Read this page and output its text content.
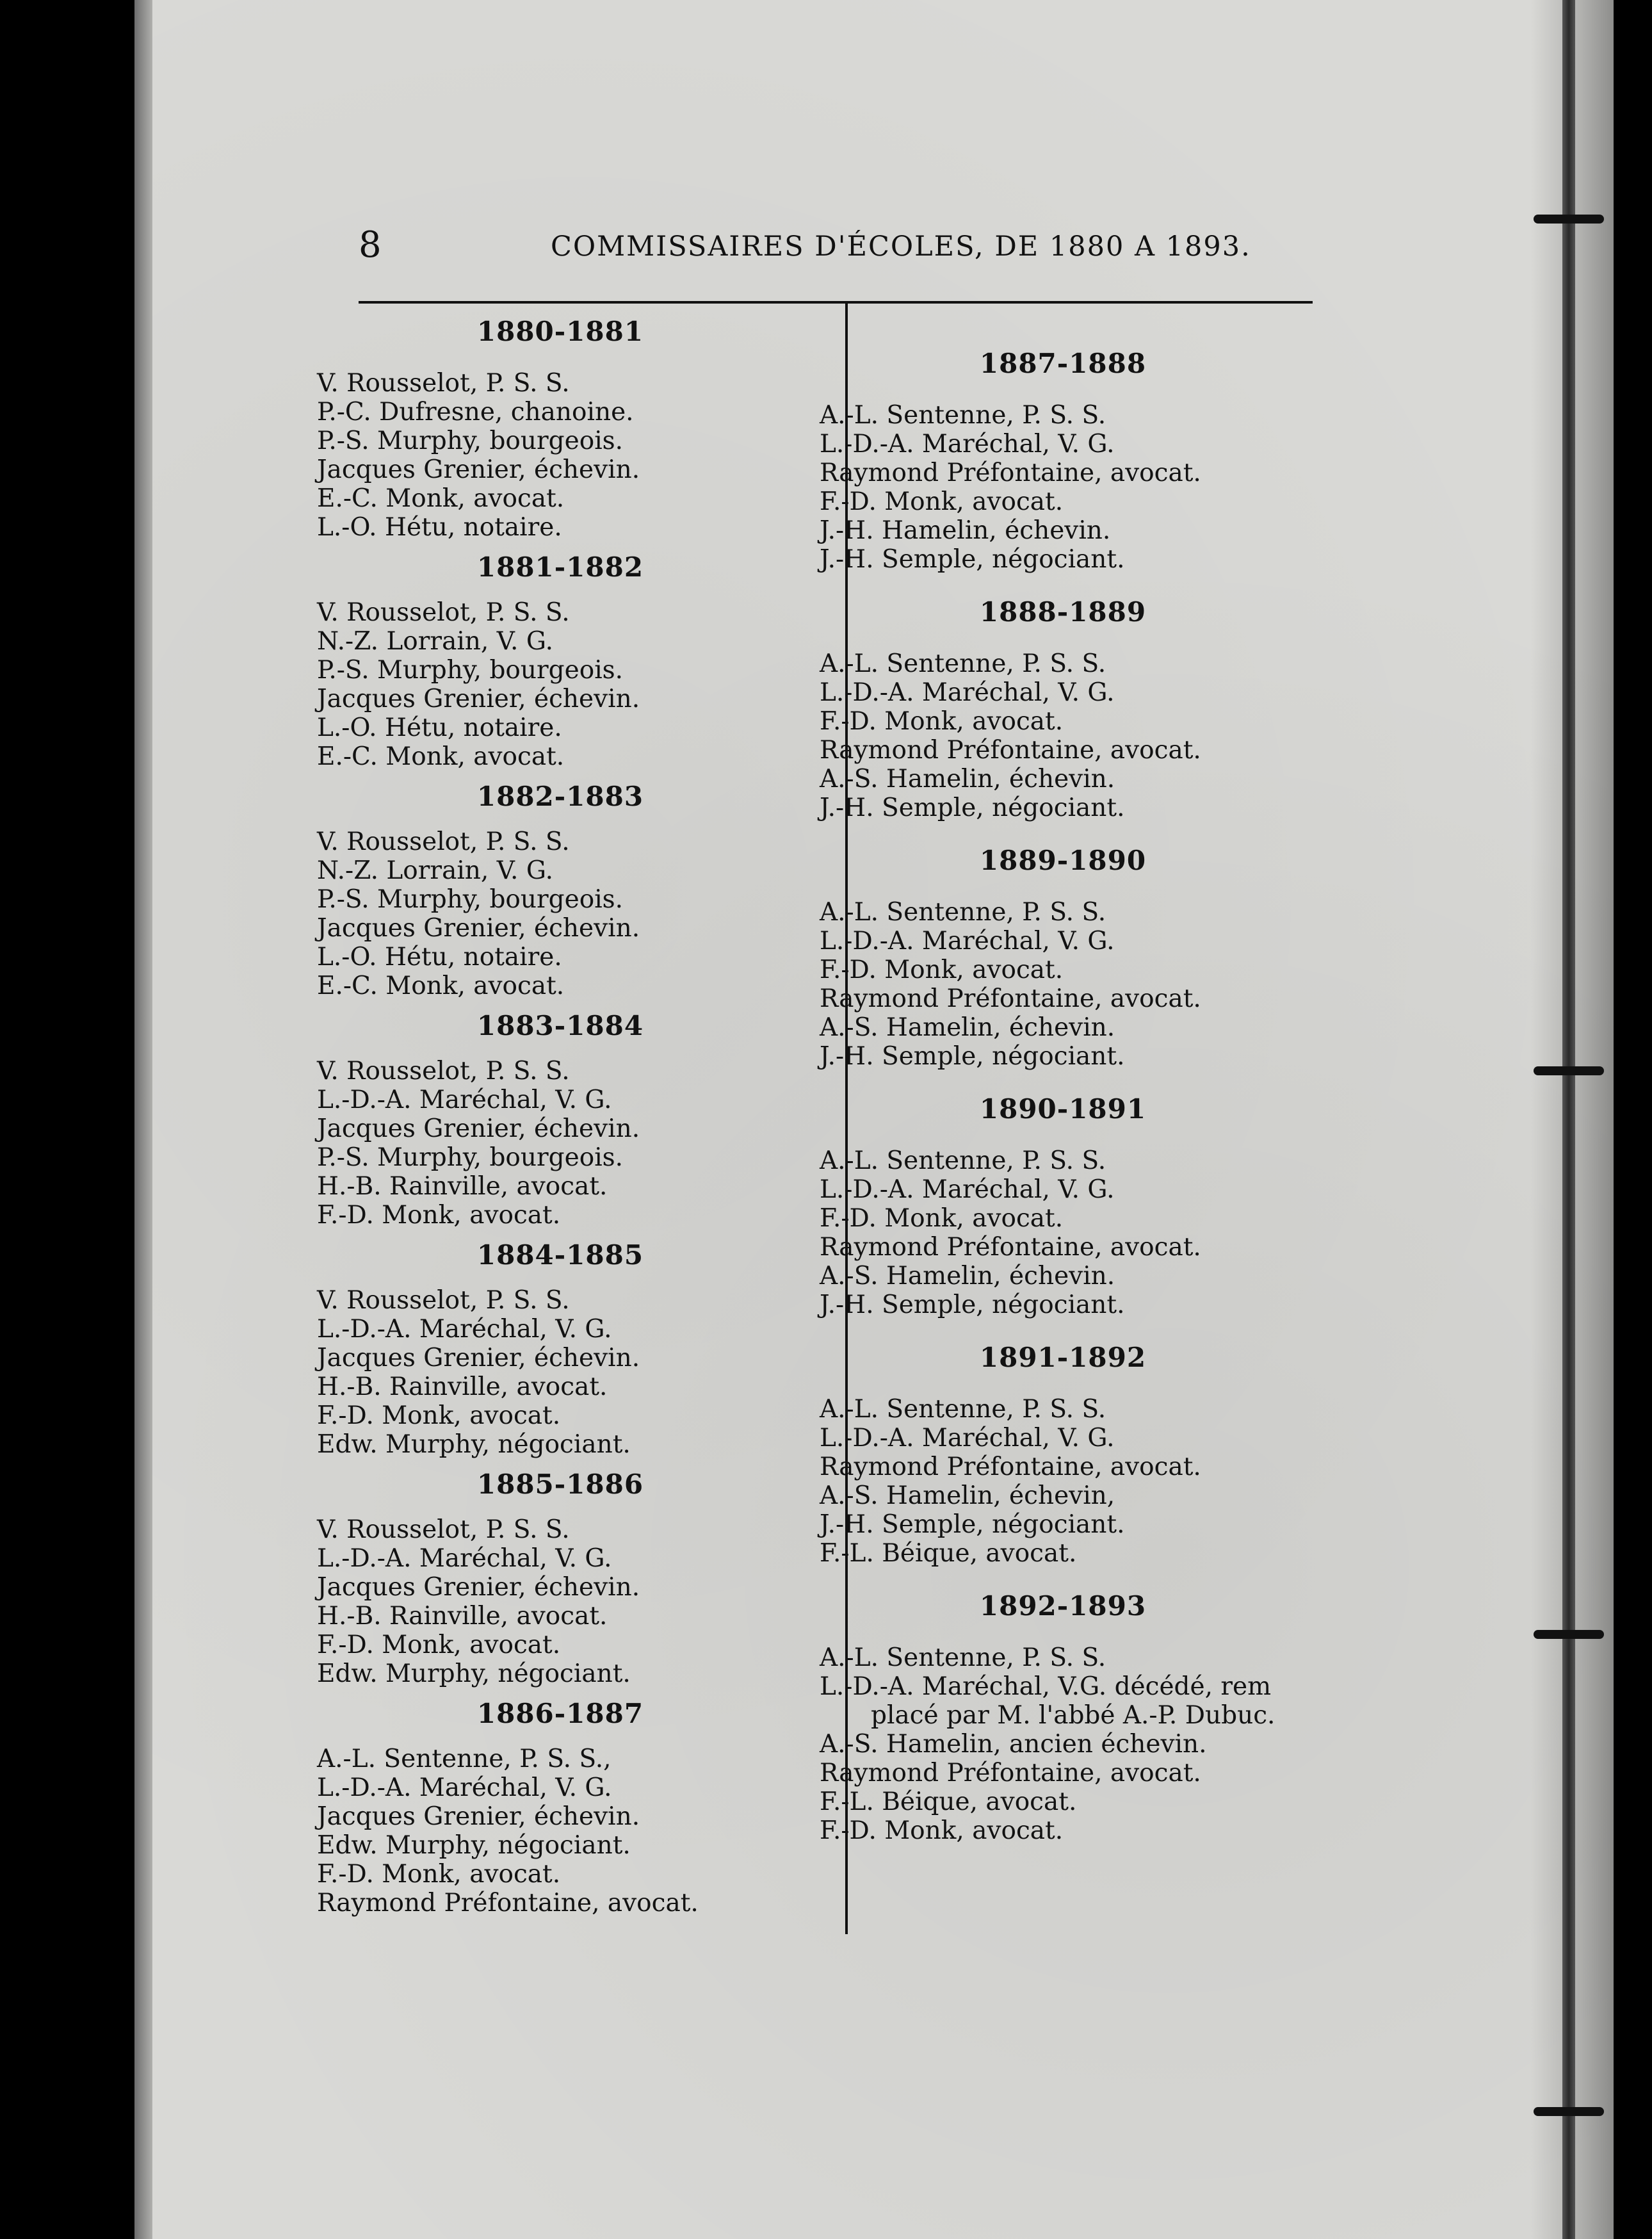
8	COMMISSAIRES D'ÉCOLES, DE 1880 A 1893.
1880-1881
V. Rousselot, P. S. S.
P.-C. Dufresne, chanoine.
P.-S. Murphy, bourgeois.
Jacques Grenier, échevin.
E.-C. Monk, avocat.
L.-O. Hétu, notaire.
1881-1882
V. Rousselot, P. S. S.
N.-Z. Lorrain, V. G.
P.-S. Murphy, bourgeois.
Jacques Grenier, échevin.
L.-O. Hétu, notaire.
E.-C. Monk, avocat.
1882-1883
V. Rousselot, P. S. S.
N.-Z. Lorrain, V. G.
P.-S. Murphy, bourgeois.
Jacques Grenier, échevin.
L.-O. Hétu, notaire.
E.-C. Monk, avocat.
1883-1884
V. Rousselot, P. S. S.
L.-D.-A. Maréchal, V. G.
Jacques Grenier, échevin.
P.-S. Murphy, bourgeois.
H.-B. Rainville, avocat.
F.-D. Monk, avocat.
1884-1885
V. Rousselot, P. S. S.
L.-D.-A. Maréchal, V. G.
Jacques Grenier, échevin.
H.-B. Rainville, avocat.
F.-D. Monk, avocat.
Edw. Murphy, négociant.
1885-1886
V. Rousselot, P. S. S.
L.-D.-A. Maréchal, V. G.
Jacques Grenier, échevin.
H.-B. Rainville, avocat.
F.-D. Monk, avocat.
Edw. Murphy, négociant.
1886-1887
A.-L. Sentenne, P. S. S.,
L.-D.-A. Maréchal, V. G.
Jacques Grenier, échevin.
Edw. Murphy, négociant.
F.-D. Monk, avocat.
Raymond Préfontaine, avocat.
1887-1888
A.-L. Sentenne, P. S. S.
L.-D.-A. Maréchal, V. G.
Raymond Préfontaine, avocat.
F.-D. Monk, avocat.
J.-H. Hamelin, échevin.
J.-H. Semple, négociant.
1888-1889
A.-L. Sentenne, P. S. S.
L.-D.-A. Maréchal, V. G.
F.-D. Monk, avocat.
Raymond Préfontaine, avocat.
A.-S. Hamelin, échevin.
J.-H. Semple, négociant.
1889-1890
A.-L. Sentenne, P. S. S.
L.-D.-A. Maréchal, V. G.
F.-D. Monk, avocat.
Raymond Préfontaine, avocat.
A.-S. Hamelin, échevin.
J.-H. Semple, négociant.
1890-1891
A.-L. Sentenne, P. S. S.
L.-D.-A. Maréchal, V. G.
F.-D. Monk, avocat.
Raymond Préfontaine, avocat.
A.-S. Hamelin, échevin.
J.-H. Semple, négociant.
1891-1892
A.-L. Sentenne, P. S. S.
L.-D.-A. Maréchal, V. G.
Raymond Préfontaine, avocat.
A.-S. Hamelin, échevin,
J.-H. Semple, négociant.
F.-L. Béique, avocat.
1892-1893
A.-L. Sentenne, P. S. S.
L.-D.-A. Maréchal, V.G. décédé, rem
placé par M. l'abbé A.-P. Dubuc.
A.-S. Hamelin, ancien échevin.
Raymond Préfontaine, avocat.
F.-L. Béique, avocat.
F.-D. Monk, avocat.
